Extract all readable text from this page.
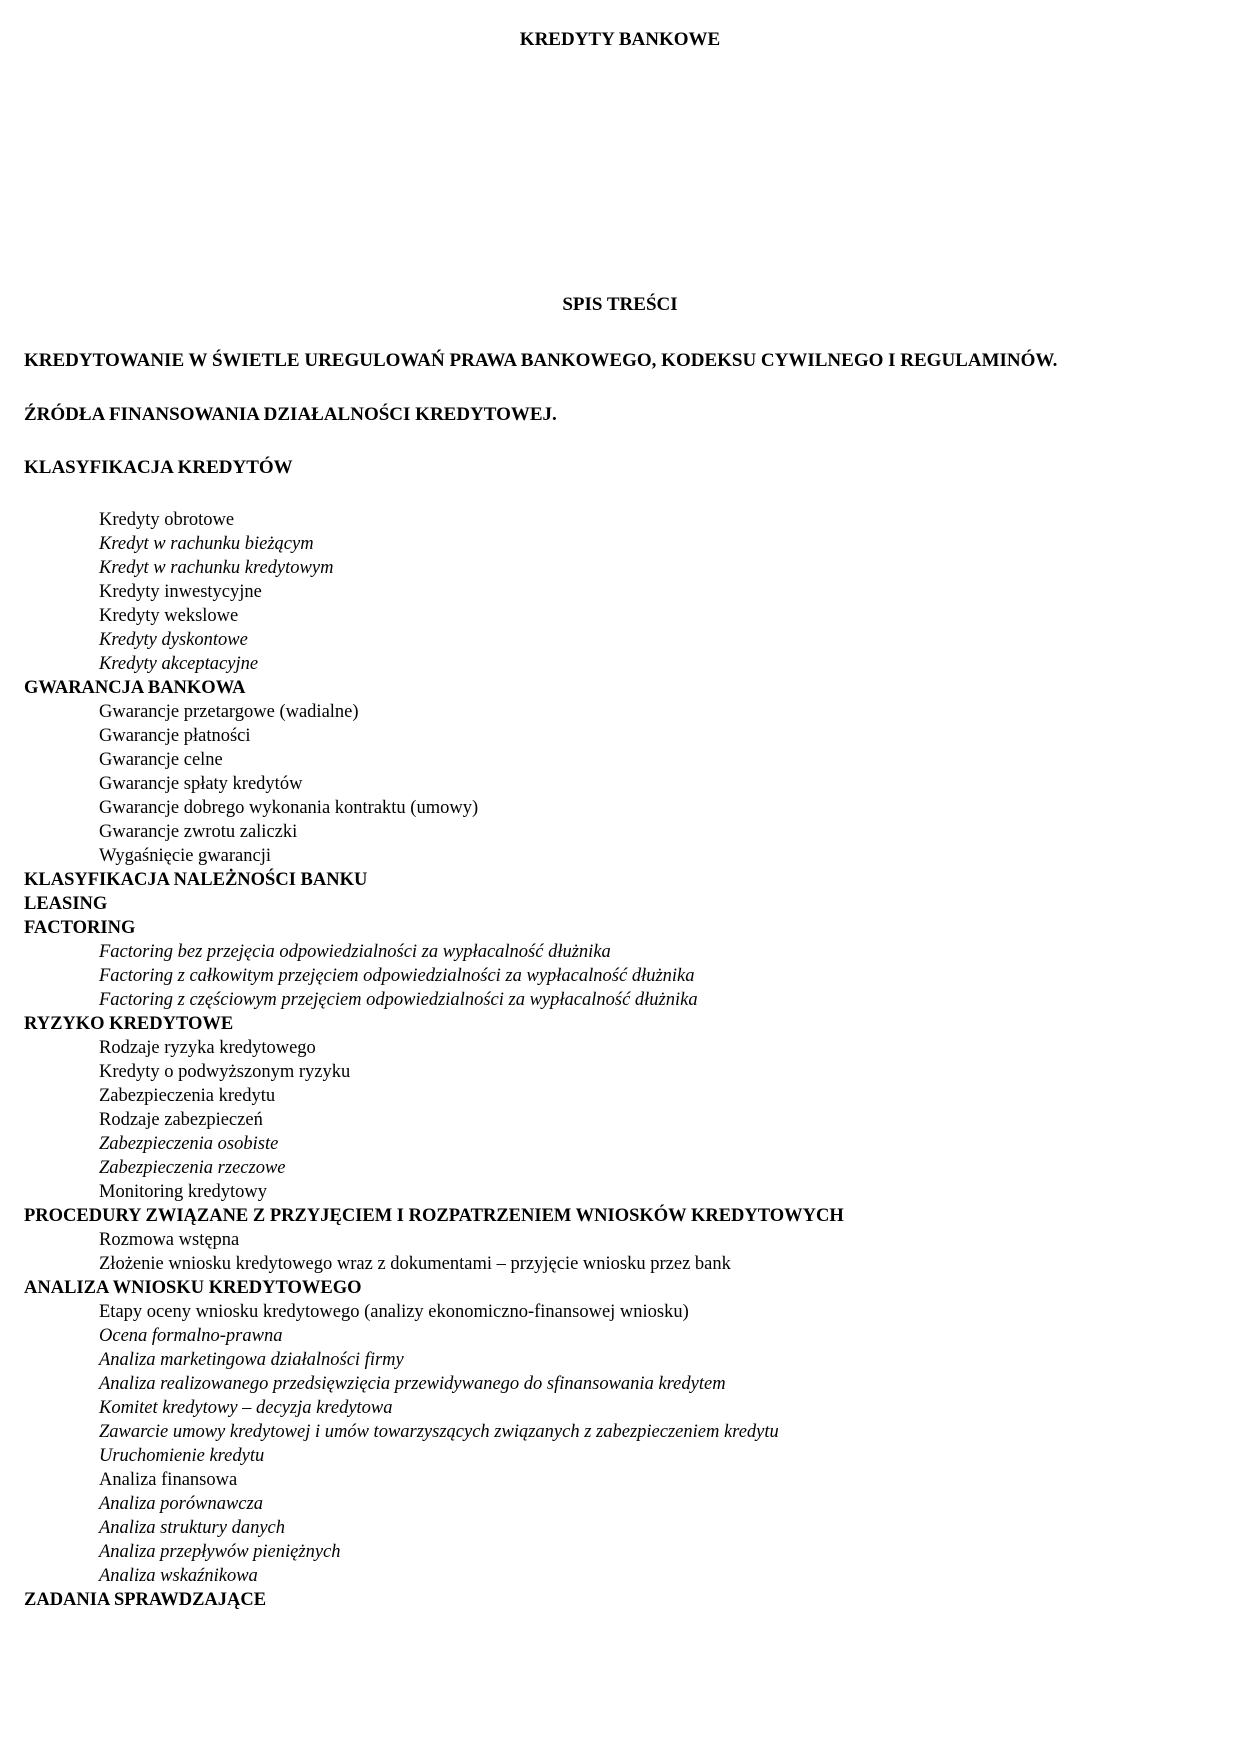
KREDYTY BANKOWE
SPIS TREŚCI
KREDYTOWANIE W ŚWIETLE UREGULOWAŃ PRAWA BANKOWEGO, KODEKSU CYWILNEGO I REGULAMINÓW.
ŹRÓDŁA FINANSOWANIA DZIAŁALNOŚCI KREDYTOWEJ.
KLASYFIKACJA KREDYTÓW
Kredyty obrotowe
Kredyt w rachunku bieżącym
Kredyt w rachunku kredytowym
Kredyty inwestycyjne
Kredyty wekslowe
Kredyty dyskontowe
Kredyty akceptacyjne
GWARANCJA BANKOWA
Gwarancje przetargowe (wadialne)
Gwarancje płatności
Gwarancje celne
Gwarancje spłaty kredytów
Gwarancje dobrego wykonania kontraktu (umowy)
Gwarancje zwrotu zaliczki
Wygaśnięcie gwarancji
KLASYFIKACJA NALEŻNOŚCI BANKU
LEASING
FACTORING
Factoring bez przejęcia odpowiedzialności za wypłacalność dłużnika
Factoring z całkowitym przejęciem odpowiedzialności za wypłacalność dłużnika
Factoring z częściowym przejęciem odpowiedzialności za wypłacalność dłużnika
RYZYKO KREDYTOWE
Rodzaje ryzyka kredytowego
Kredyty o podwyższonym ryzyku
Zabezpieczenia kredytu
Rodzaje zabezpieczeń
Zabezpieczenia osobiste
Zabezpieczenia rzeczowe
Monitoring kredytowy
PROCEDURY ZWIĄZANE Z PRZYJĘCIEM I ROZPATRZENIEM WNIOSKÓW KREDYTOWYCH
Rozmowa wstępna
Złożenie wniosku kredytowego wraz z dokumentami – przyjęcie wniosku przez bank
ANALIZA WNIOSKU KREDYTOWEGO
Etapy oceny wniosku kredytowego (analizy ekonomiczno-finansowej wniosku)
Ocena formalno-prawna
Analiza marketingowa działalności firmy
Analiza realizowanego przedsięwzięcia przewidywanego do sfinansowania kredytem
Komitet kredytowy – decyzja kredytowa
Zawarcie umowy kredytowej i umów towarzyszących związanych z zabezpieczeniem kredytu
Uruchomienie kredytu
Analiza finansowa
Analiza porównawcza
Analiza struktury danych
Analiza przepływów pieniężnych
Analiza wskaźnikowa
ZADANIA SPRAWDZAJĄCE
